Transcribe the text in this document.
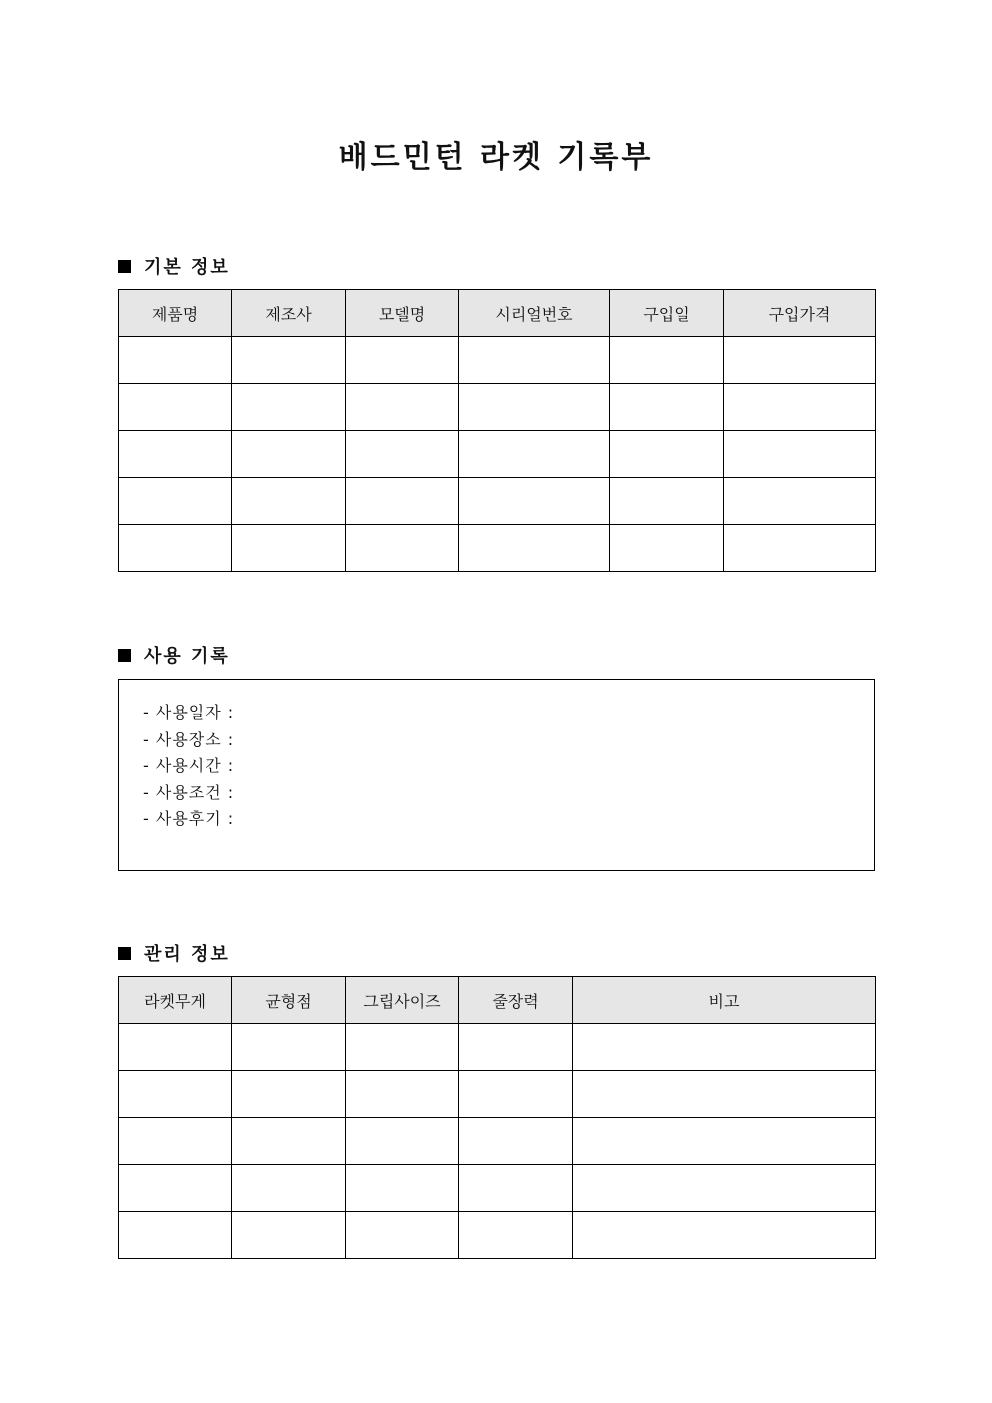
배드민턴 라켓 기록부
기본 정보
제품명	제조사	모델명	시리얼번호	구입일	구입가격

사용 기록
- 사용일자 :
- 사용장소 :
- 사용시간 :
- 사용조건 :
- 사용후기 :
관리 정보
라켓무게	균형점	그립사이즈	줄장력	비고
